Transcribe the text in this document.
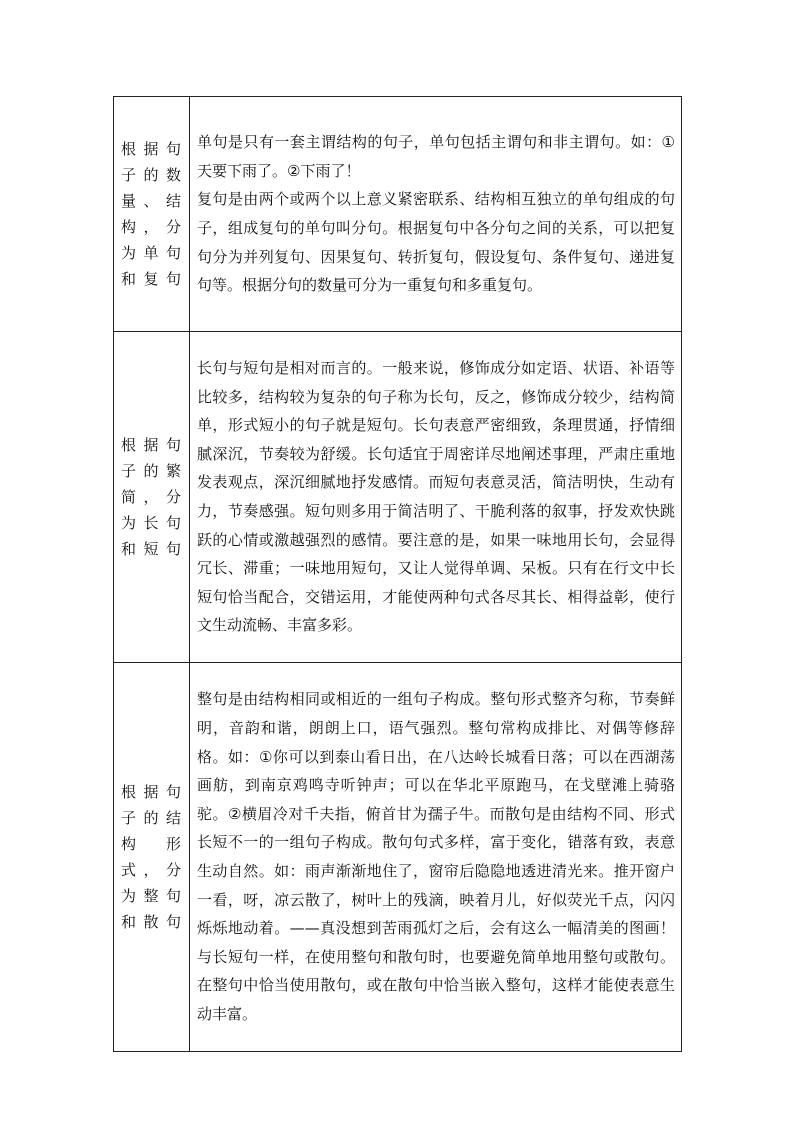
根据句子的数量、结构，分为单句和复句	单句是只有一套主谓结构的句子，单句包括主谓句和非主谓句。如：①天要下雨了。②下雨了！

复句是由两个或两个以上意义紧密联系、结构相互独立的单句组成的句子，组成复句的单句叫分句。根据复句中各分句之间的关系，可以把复句分为并列复句、因果复句、转折复句，假设复句、条件复句、递进复句等。根据分句的数量可分为一重复句和多重复句。

根据句子的繁简，分为长句和短句	长句与短句是相对而言的。一般来说，修饰成分如定语、状语、补语等比较多，结构较为复杂的句子称为长句，反之，修饰成分较少，结构简单，形式短小的句子就是短句。长句表意严密细致，条理贯通，抒情细腻深沉，节奏较为舒缓。长句适宜于周密详尽地阐述事理，严肃庄重地发表观点，深沉细腻地抒发感情。而短句表意灵活，简洁明快，生动有力，节奏感强。短句则多用于简洁明了、干脆利落的叙事，抒发欢快跳跃的心情或激越强烈的感情。要注意的是，如果一味地用长句，会显得冗长、滞重；一味地用短句，又让人觉得单调、呆板。只有在行文中长短句恰当配合，交错运用，才能使两种句式各尽其长、相得益彰，使行文生动流畅、丰富多彩。

根据句子的结构形式，分为整句和散句	整句是由结构相同或相近的一组句子构成。整句形式整齐匀称，节奏鲜明，音韵和谐，朗朗上口，语气强烈。整句常构成排比、对偶等修辞格。如：①你可以到泰山看日出，在八达岭长城看日落；可以在西湖荡画舫，到南京鸡鸣寺听钟声；可以在华北平原跑马，在戈壁滩上骑骆驼。②横眉冷对千夫指，俯首甘为孺子牛。而散句是由结构不同、形式长短不一的一组句子构成。散句句式多样，富于变化，错落有致，表意生动自然。如：雨声渐渐地住了，窗帘后隐隐地透进清光来。推开窗户一看，呀，凉云散了，树叶上的残滴，映着月儿，好似荧光千点，闪闪烁烁地动着。——真没想到苦雨孤灯之后，会有这么一幅清美的图画！与长短句一样，在使用整句和散句时，也要避免简单地用整句或散句。在整句中恰当使用散句，或在散句中恰当嵌入整句，这样才能使表意生动丰富。
